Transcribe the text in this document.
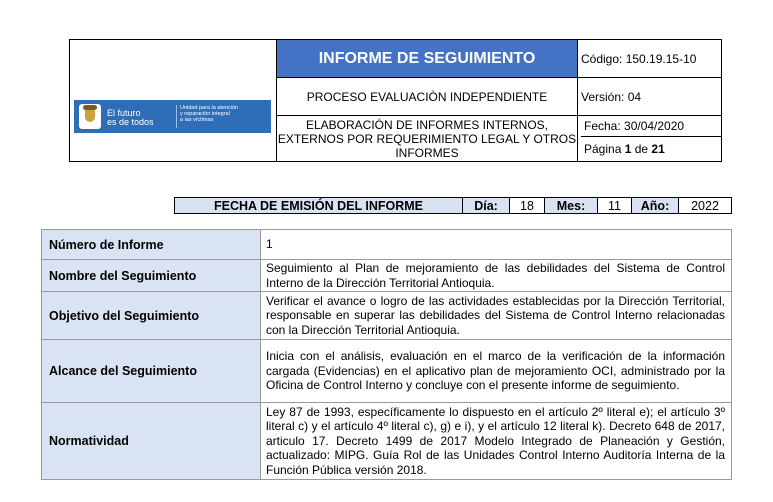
El futuro
es de todos
Unidad para la atención
y reparación integral
a las víctimas	INFORME DE SEGUIMIENTO	Código: 150.19.15-10
	PROCESO EVALUACIÒN INDEPENDIENTE	Versión: 04
	ELABORACIÓN DE INFORMES INTERNOS, EXTERNOS POR REQUERIMIENTO LEGAL Y OTROS INFORMES	Fecha: 30/04/2020
Página 1 de 21
FECHA DE EMISIÓN DEL INFORME	Día:	18	Mes:	11	Año:	2022
Número de Informe	1
Nombre del Seguimiento	Seguimiento al Plan de mejoramiento de las debilidades del Sistema de Control Interno de la Dirección Territorial Antioquia.
Objetivo del Seguimiento	Verificar el avance o logro de las actividades establecidas por la Dirección Territorial, responsable en superar las debilidades del Sistema de Control Interno relacionadas con la Dirección Territorial Antioquia.
Alcance del Seguimiento	Inicia con el análisis, evaluación en el marco de la verificación de la información cargada (Evidencias) en el aplicativo plan de mejoramiento OCI, administrado por la Oficina de Control Interno y concluye con el presente informe de seguimiento.
Normatividad	Ley 87 de 1993, específicamente lo dispuesto en el artículo 2º literal e); el artículo 3º literal c) y el artículo 4º literal c), g) e i), y el artículo 12 literal k). Decreto 648 de 2017, articulo 17. Decreto 1499 de 2017 Modelo Integrado de Planeación y Gestión, actualizado: MIPG. Guía Rol de las Unidades Control Interno Auditoría Interna de la Función Pública versión 2018.
